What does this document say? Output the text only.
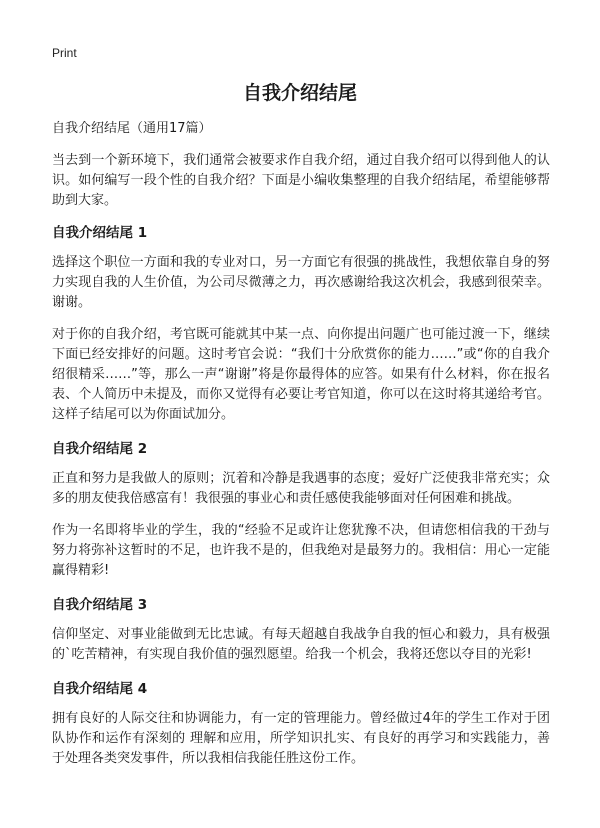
Print
自我介绍结尾

自我介绍结尾（通用17篇）

当去到一个新环境下，我们通常会被要求作自我介绍，通过自我介绍可以得到他人的认识。如何编写一段个性的自我介绍？下面是小编收集整理的自我介绍结尾，希望能够帮助到大家。

自我介绍结尾 1

选择这个职位一方面和我的专业对口，另一方面它有很强的挑战性，我想依靠自身的努力实现自我的人生价值，为公司尽微薄之力，再次感谢给我这次机会，我感到很荣幸。谢谢。

对于你的自我介绍，考官既可能就其中某一点、向你提出问题广也可能过渡一下，继续下面已经安排好的问题。这时考官会说：“我们十分欣赏你的能力……”或“你的自我介绍很精采……”等，那么一声“谢谢”将是你最得体的应答。如果有什么材料，你在报名表、个人简历中未提及，而你又觉得有必要让考官知道，你可以在这时将其递给考官。这样子结尾可以为你面试加分。

自我介绍结尾 2

正直和努力是我做人的原则；沉着和冷静是我遇事的态度；爱好广泛使我非常充实；众多的朋友使我倍感富有！我很强的事业心和责任感使我能够面对任何困难和挑战。

作为一名即将毕业的学生，我的“经验不足或许让您犹豫不决，但请您相信我的干劲与努力将弥补这暂时的不足，也许我不是的，但我绝对是最努力的。我相信：用心一定能赢得精彩!

自我介绍结尾 3

信仰坚定、对事业能做到无比忠诚。有每天超越自我战争自我的恒心和毅力，具有极强的`吃苦精神，有实现自我价值的强烈愿望。给我一个机会，我将还您以夺目的光彩!

自我介绍结尾 4

拥有良好的人际交往和协调能力，有一定的管理能力。曾经做过4年的学生工作对于团队协作和运作有深刻的 理解和应用，所学知识扎实、有良好的再学习和实践能力，善于处理各类突发事件，所以我相信我能任胜这份工作。
